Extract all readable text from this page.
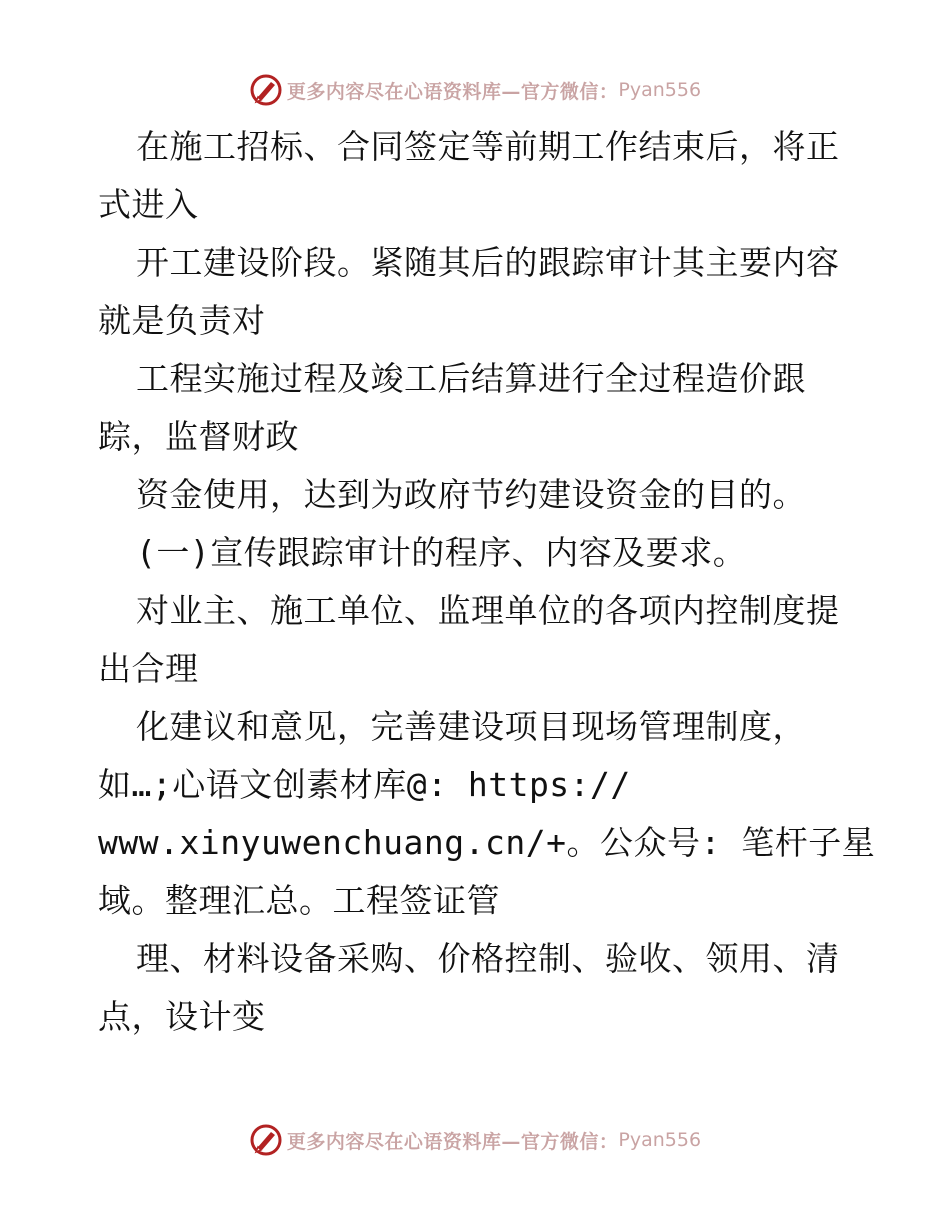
更多内容尽在心语资料库—官方微信： Pyan556
在施工招标、合同签定等前期工作结束后，将正
式进入
开工建设阶段。紧随其后的跟踪审计其主要内容
就是负责对
工程实施过程及竣工后结算进行全过程造价跟
踪，监督财政
资金使用，达到为政府节约建设资金的目的。
(一)宣传跟踪审计的程序、内容及要求。
对业主、施工单位、监理单位的各项内控制度提
出合理
化建议和意见，完善建设项目现场管理制度，
如…;心语文创素材库@: https://
www.xinyuwenchuang.cn/+。公众号: 笔杆子星
域。整理汇总。工程签证管
理、材料设备采购、价格控制、验收、领用、清
点，设计变
更多内容尽在心语资料库—官方微信： Pyan556
